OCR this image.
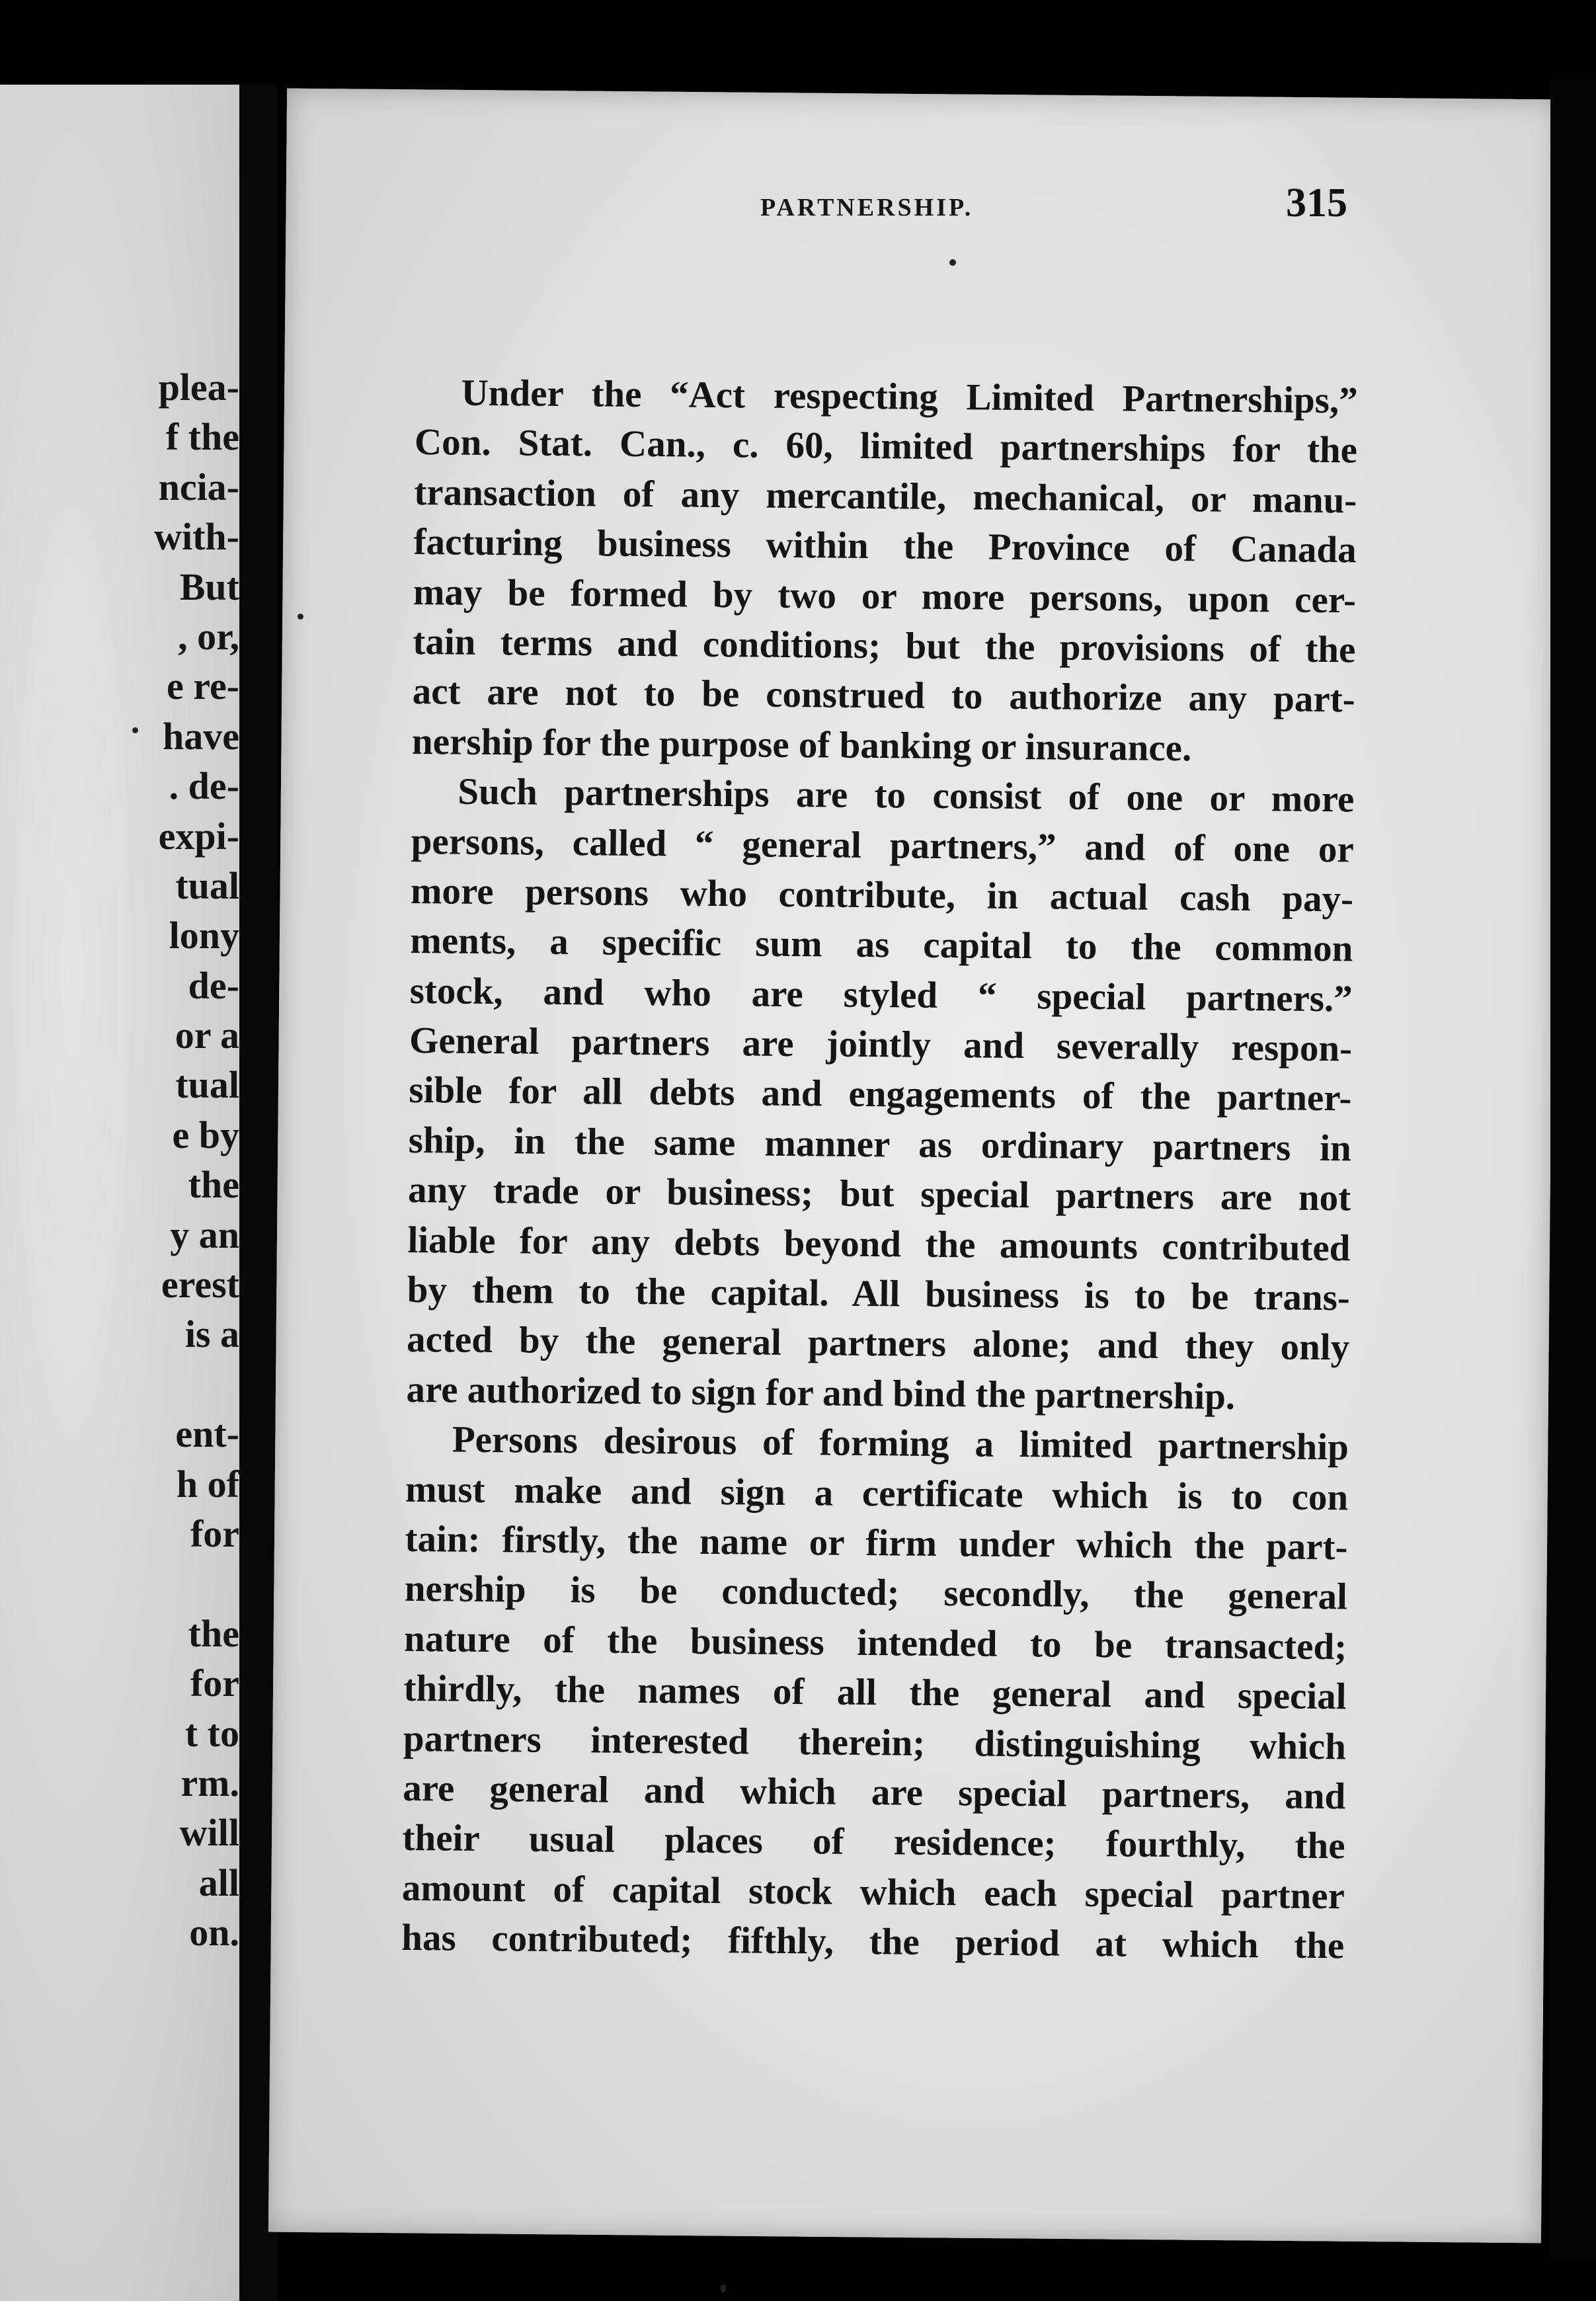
plea-
f the
ncia-
with-
But
, or,
e re-
have
. de-
expi-
tual
lony
de-
or a
tual
e by
the
y an
erest
is a
ent-
h of
for
the
for
t to
rm.
will
all
on.
PARTNERSHIP.	315
Under the “Act respecting Limited Partnerships,”
Con. Stat. Can., c. 60, limited partnerships for the
transaction of any mercantile, mechanical, or manu-
facturing business within the Province of Canada
may be formed by two or more persons, upon cer-
tain terms and conditions; but the provisions of the
act are not to be construed to authorize any part-
nership for the purpose of banking or insurance.
Such partnerships are to consist of one or more
persons, called “ general partners,” and of one or
more persons who contribute, in actual cash pay-
ments, a specific sum as capital to the common
stock, and who are styled “ special partners.”
General partners are jointly and severally respon-
sible for all debts and engagements of the partner-
ship, in the same manner as ordinary partners in
any trade or business; but special partners are not
liable for any debts beyond the amounts contributed
by them to the capital. All business is to be trans-
acted by the general partners alone; and they only
are authorized to sign for and bind the partnership.
Persons desirous of forming a limited partnership
must make and sign a certificate which is to con
tain: firstly, the name or firm under which the part-
nership is be conducted; secondly, the general
nature of the business intended to be transacted;
thirdly, the names of all the general and special
partners interested therein; distinguishing which
are general and which are special partners, and
their usual places of residence; fourthly, the
amount of capital stock which each special partner
has contributed; fifthly, the period at which the
